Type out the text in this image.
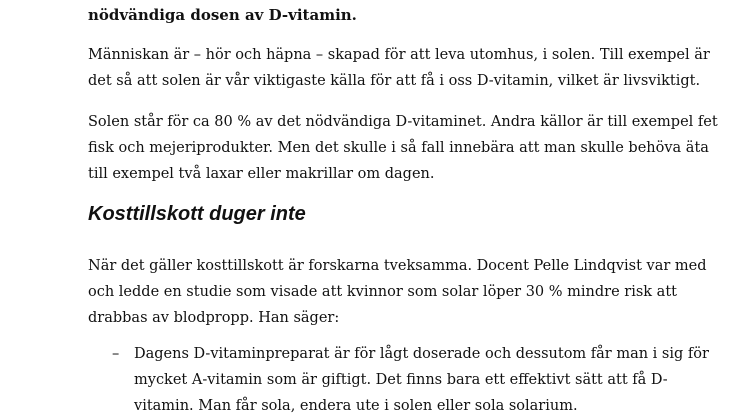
nödvändiga dosen av D-vitamin.

Människan är – hör och häpna – skapad för att leva utomhus, i solen. Till exempel är
det så att solen är vår viktigaste källa för att få i oss D-vitamin, vilket är livsviktigt.

Solen står för ca 80 % av det nödvändiga D-vitaminet. Andra källor är till exempel fet
fisk och mejeriprodukter. Men det skulle i så fall innebära att man skulle behöva äta
till exempel två laxar eller makrillar om dagen.

Kosttillskott duger inte

När det gäller kosttillskott är forskarna tveksamma. Docent Pelle Lindqvist var med
och ledde en studie som visade att kvinnor som solar löper 30 % mindre risk att
drabbas av blodpropp. Han säger:

– Dagens D-vitaminpreparat är för lågt doserade och dessutom får man i sig för
mycket A-vitamin som är giftigt. Det finns bara ett effektivt sätt att få D-
vitamin. Man får sola, endera ute i solen eller sola solarium.
